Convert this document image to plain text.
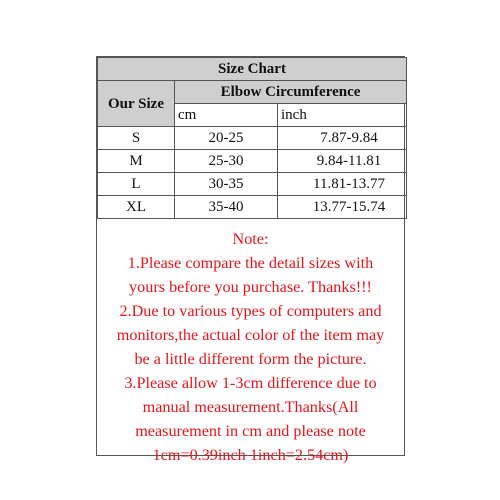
Size Chart		
Our Size	Elbow Circumference	
	cm	inch
S	20-25	7.87-9.84
M	25-30	9.84-11.81
L	30-35	11.81-13.77
XL	35-40	13.77-15.74
Note:
1.Please compare the detail sizes with
yours before you purchase. Thanks!!!
2.Due to various types of computers and
monitors,the actual color of the item may
be a little different form the picture.
3.Please allow 1-3cm difference due to
manual measurement.Thanks(All
measurement in cm and please note
1cm=0.39inch 1inch=2.54cm)
